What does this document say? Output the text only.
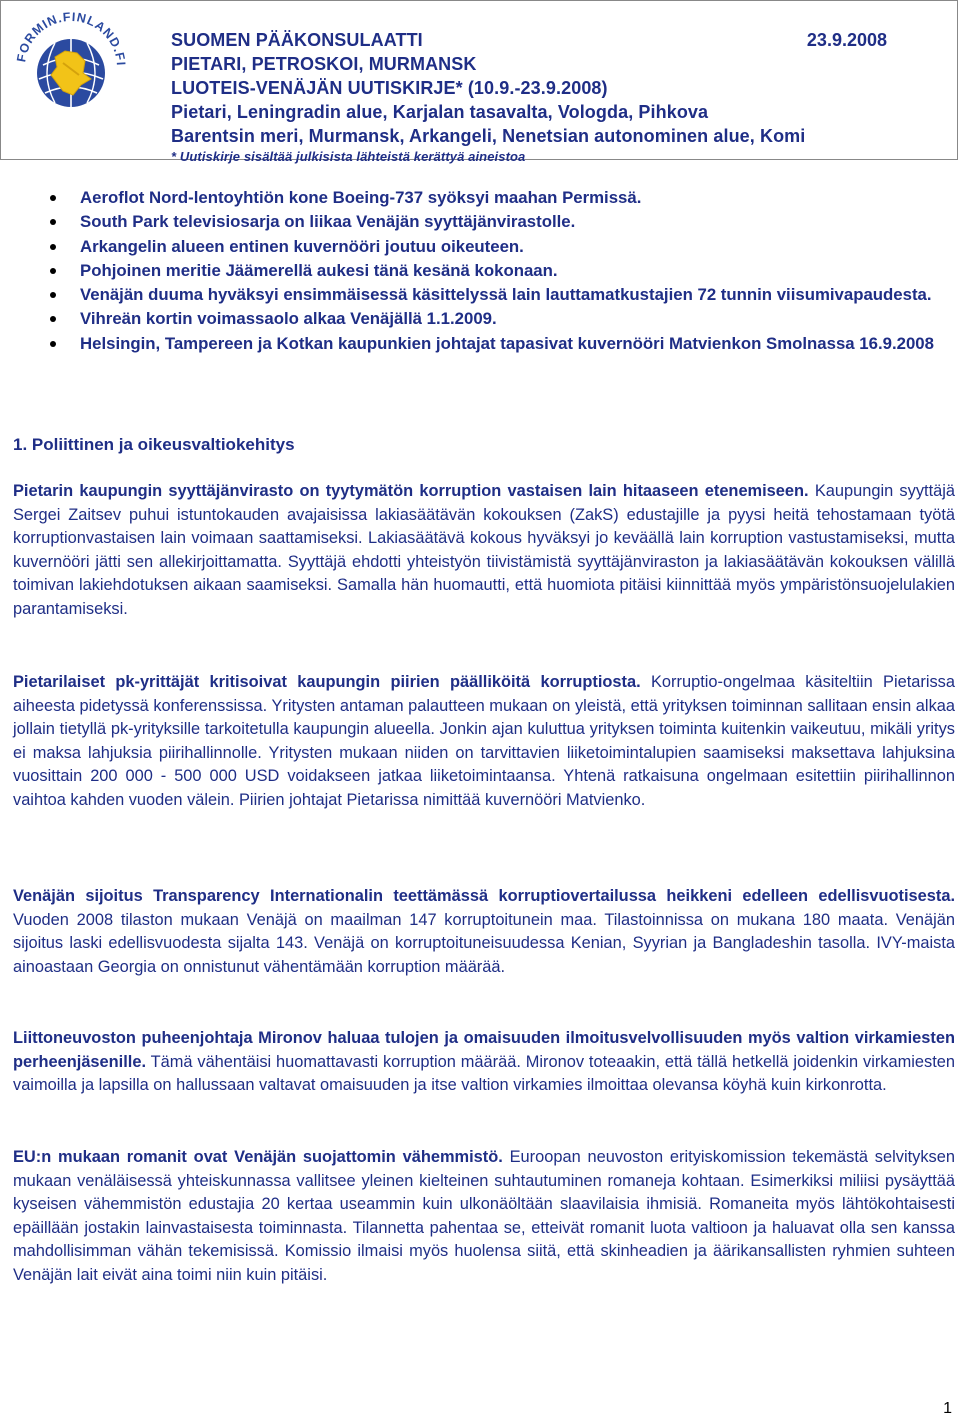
FORMIN.FINLAND.FI
SUOMEN PÄÄKONSULAATTI
PIETARI, PETROSKOI, MURMANSK
LUOTEIS-VENÄJÄN UUTISKIRJE* (10.9.-23.9.2008)
Pietari, Leningradin alue, Karjalan tasavalta, Vologda, Pihkova
Barentsin meri, Murmansk, Arkangeli, Nenetsian autonominen alue, Komi
* Uutiskirje sisältää julkisista lähteistä kerättyä aineistoa
23.9.2008
Aeroflot Nord-lentoyhtiön kone Boeing-737 syöksyi maahan Permissä.
South Park televisiosarja on liikaa Venäjän syyttäjänvirastolle.
Arkangelin alueen entinen kuvernööri joutuu oikeuteen.
Pohjoinen meritie Jäämerellä aukesi tänä kesänä kokonaan.
Venäjän duuma hyväksyi ensimmäisessä käsittelyssä lain lauttamatkustajien 72 tunnin viisumivapaudesta.
Vihreän kortin voimassaolo alkaa Venäjällä 1.1.2009.
Helsingin, Tampereen ja Kotkan kaupunkien johtajat tapasivat kuvernööri Matvienkon Smolnassa 16.9.2008
1. Poliittinen ja oikeusvaltiokehitys

Pietarin kaupungin syyttäjänvirasto on tyytymätön korruption vastaisen lain hitaaseen etenemiseen. Kaupungin syyttäjä Sergei Zaitsev puhui istuntokauden avajaisissa lakiasäätävän kokouksen (ZakS) edustajille ja pyysi heitä tehostamaan työtä korruptionvastaisen lain voimaan saattamiseksi. Lakiasäätävä kokous hyväksyi jo keväällä lain korruption vastustamiseksi, mutta kuvernööri jätti sen allekirjoittamatta. Syyttäjä ehdotti yhteistyön tiivistämistä syyttäjänviraston ja lakiasäätävän kokouksen välillä toimivan lakiehdotuksen aikaan saamiseksi. Samalla hän huomautti, että huomiota pitäisi kiinnittää myös ympäristönsuojelulakien parantamiseksi.

Pietarilaiset pk-yrittäjät kritisoivat kaupungin piirien päälliköitä korruptiosta. Korruptio-ongelmaa käsiteltiin Pietarissa aiheesta pidetyssä konferenssissa. Yritysten antaman palautteen mukaan on yleistä, että yrityksen toiminnan sallitaan ensin alkaa jollain tietyllä pk-yrityksille tarkoitetulla kaupungin alueella. Jonkin ajan kuluttua yrityksen toiminta kuitenkin vaikeutuu, mikäli yritys ei maksa lahjuksia piirihallinnolle. Yritysten mukaan niiden on tarvittavien liiketoimintalupien saamiseksi maksettava lahjuksina vuosittain 200 000 - 500 000 USD voidakseen jatkaa liiketoimintaansa. Yhtenä ratkaisuna ongelmaan esitettiin piirihallinnon vaihtoa kahden vuoden välein. Piirien johtajat Pietarissa nimittää kuvernööri Matvienko.

Venäjän sijoitus Transparency Internationalin teettämässä korruptiovertailussa heikkeni edelleen edellisvuotisesta. Vuoden 2008 tilaston mukaan Venäjä on maailman 147 korruptoitunein maa. Tilastoinnissa on mukana 180 maata. Venäjän sijoitus laski edellisvuodesta sijalta 143. Venäjä on korruptoituneisuudessa Kenian, Syyrian ja Bangladeshin tasolla. IVY-maista ainoastaan Georgia on onnistunut vähentämään korruption määrää.

Liittoneuvoston puheenjohtaja Mironov haluaa tulojen ja omaisuuden ilmoitusvelvollisuuden myös valtion virkamiesten perheenjäsenille. Tämä vähentäisi huomattavasti korruption määrää. Mironov toteaakin, että tällä hetkellä joidenkin virkamiesten vaimoilla ja lapsilla on hallussaan valtavat omaisuuden ja itse valtion virkamies ilmoittaa olevansa köyhä kuin kirkonrotta.

EU:n mukaan romanit ovat Venäjän suojattomin vähemmistö. Euroopan neuvoston erityiskomission tekemästä selvityksen mukaan venäläisessä yhteiskunnassa vallitsee yleinen kielteinen suhtautuminen romaneja kohtaan. Esimerkiksi miliisi pysäyttää kyseisen vähemmistön edustajia 20 kertaa useammin kuin ulkonäöltään slaavilaisia ihmisiä. Romaneita myös lähtökohtaisesti epäillään jostakin lainvastaisesta toiminnasta. Tilannetta pahentaa se, etteivät romanit luota valtioon ja haluavat olla sen kanssa mahdollisimman vähän tekemisissä. Komissio ilmaisi myös huolensa siitä, että skinheadien ja äärikansallisten ryhmien suhteen Venäjän lait eivät aina toimi niin kuin pitäisi.

1
